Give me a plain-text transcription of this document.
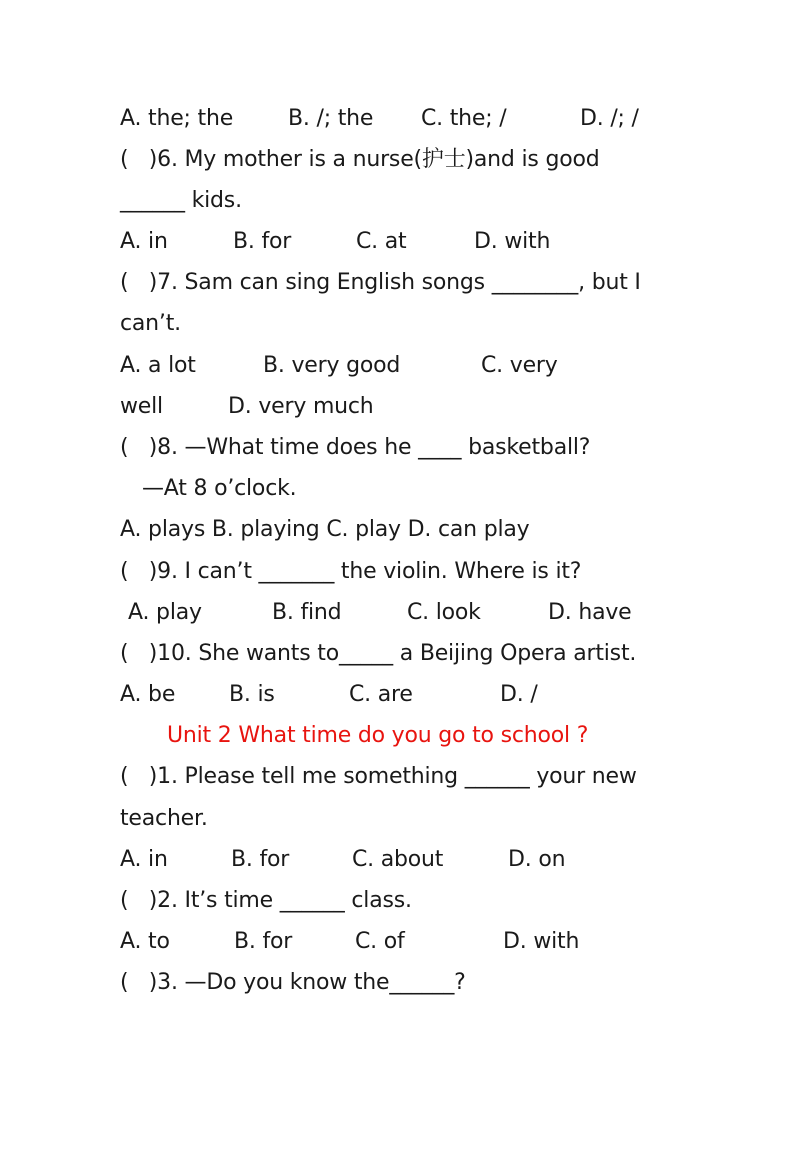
A. the; the

B. /; the

C. the; /

	D. /; /

(   )6. My mother is a nurse(护士)and is good

______ kids.

A. in

	B. for

	C. at

	D. with

(   )7. Sam can sing English songs ________, but I

can’t.

A. a lot

	B. very good

	C. very

well

	D. very much

(   )8. —What time does he ____ basketball?

—At 8 o’clock.

A. plays B. playing C. play D. can play

(   )9. I can’t _______ the violin. Where is it?

A. play

	B. find

	C. look

	D. have

(   )10. She wants to_____ a Beijing Opera artist.

A. be

B. is

	C. are

	D. /

Unit 2 What time do you go to school ?

(   )1. Please tell me something ______ your new

teacher.

A. in

	B. for

	C. about

	D. on

(   )2. It’s time ______ class.

A. to

	B. for

	C. of

	D. with

(   )3. —Do you know the______?
